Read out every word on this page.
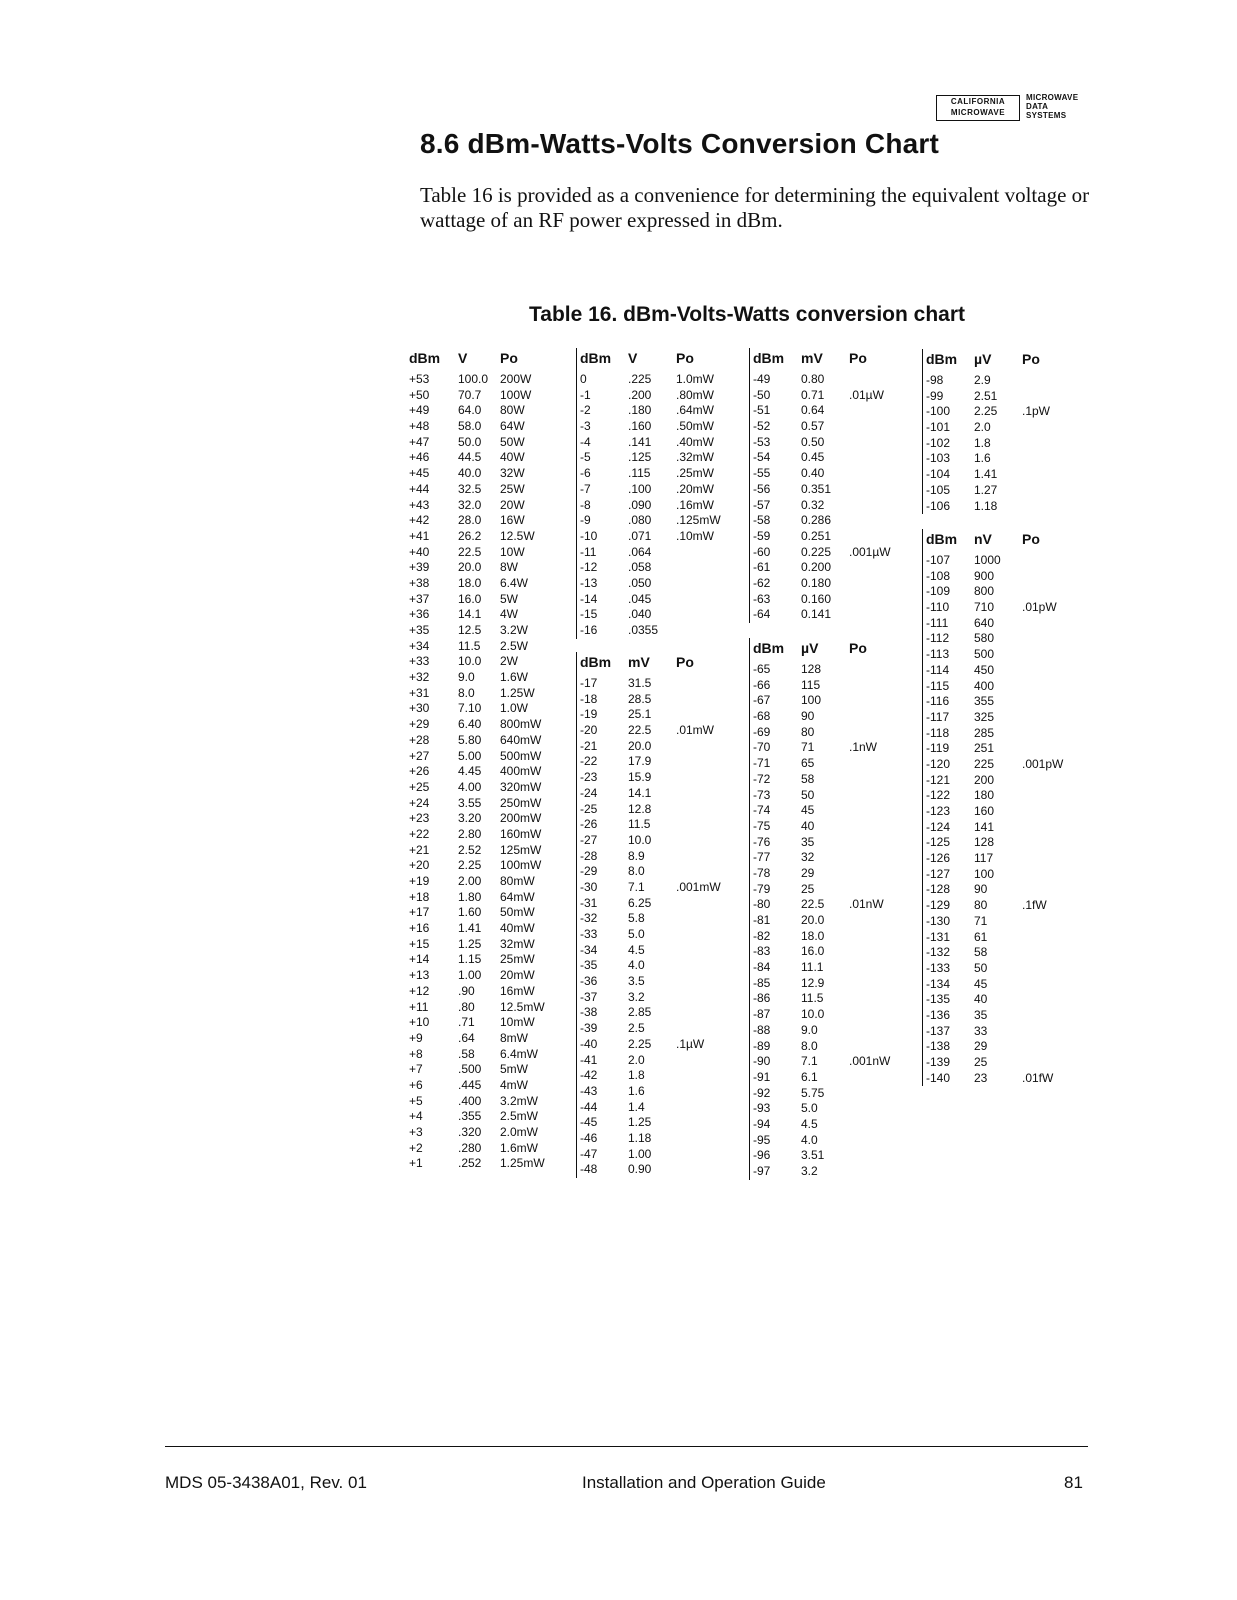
CALIFORNIA
MICROWAVE
MICROWAVE
DATA
SYSTEMS
8.6 dBm-Watts-Volts Conversion Chart

Table 16 is provided as a convenience for determining the equivalent voltage or wattage of an RF power expressed in dBm.

Table 16. dBm-Volts-Watts conversion chart
dBm	V	Po
+53	100.0 200W
+50	70.7	100W
+49	64.0	80W
+48	58.0	64W
+47	50.0	50W
+46	44.5	40W
+45	40.0	32W
+44	32.5	25W
+43	32.0	20W
+42	28.0	16W
+41	26.2	12.5W
+40	22.5	10W
+39	20.0	8W
+38	18.0	6.4W
+37	16.0	5W
+36	14.1	4W
+35	12.5	3.2W
+34	11.5	2.5W
+33	10.0	2W
+32	9.0	1.6W
+31	8.0	1.25W
+30	7.10	1.0W
+29	6.40	800mW
+28	5.80	640mW
+27	5.00	500mW
+26	4.45	400mW
+25	4.00	320mW
+24	3.55	250mW
+23	3.20	200mW
+22	2.80	160mW
+21	2.52	125mW
+20	2.25	100mW
+19	2.00	80mW
+18	1.80	64mW
+17	1.60	50mW
+16	1.41	40mW
+15	1.25	32mW
+14	1.15	25mW
+13	1.00	20mW
+12	.90	16mW
+11	.80	12.5mW
+10	.71	10mW
+9	.64	8mW
+8	.58	6.4mW
+7	.500	5mW
+6	.445	4mW
+5	.400	3.2mW
+4	.355	2.5mW
+3	.320	2.0mW
+2	.280	1.6mW
+1	.252	1.25mW
dBm	V	Po
0	.225	1.0mW
-1	.200	.80mW
-2	.180	.64mW
-3	.160	.50mW
-4	.141	.40mW
-5	.125	.32mW
-6	.115	.25mW
-7	.100	.20mW
-8	.090	.16mW
-9	.080	.125mW
-10	.071	.10mW
-11	.064
-12	.058
-13	.050
-14	.045
-15	.040
-16	.0355
dBm	mV	Po
-17	31.5
-18	28.5
-19	25.1
-20	22.5	.01mW
-21	20.0
-22	17.9
-23	15.9
-24	14.1
-25	12.8
-26	11.5
-27	10.0
-28	8.9
-29	8.0
-30	7.1	.001mW
-31	6.25
-32	5.8
-33	5.0
-34	4.5
-35	4.0
-36	3.5
-37	3.2
-38	2.85
-39	2.5
-40	2.25	.1µW
-41	2.0
-42	1.8
-43	1.6
-44	1.4
-45	1.25
-46	1.18
-47	1.00
-48	0.90
dBm	mV	Po
-49	0.80
-50	0.71	.01µW
-51	0.64
-52	0.57
-53	0.50
-54	0.45
-55	0.40
-56	0.351
-57	0.32
-58	0.286
-59	0.251
-60	0.225	.001µW
-61	0.200
-62	0.180
-63	0.160
-64	0.141
dBm	µV	Po
-65	128
-66	115
-67	100
-68	90
-69	80
-70	71	.1nW
-71	65
-72	58
-73	50
-74	45
-75	40
-76	35
-77	32
-78	29
-79	25
-80	22.5	.01nW
-81	20.0
-82	18.0
-83	16.0
-84	11.1
-85	12.9
-86	11.5
-87	10.0
-88	9.0
-89	8.0
-90	7.1	.001nW
-91	6.1
-92	5.75
-93	5.0
-94	4.5
-95	4.0
-96	3.51
-97	3.2
dBm	µV	Po
-98	2.9
-99	2.51
-100	2.25	.1pW
-101	2.0
-102	1.8
-103	1.6
-104	1.41
-105	1.27
-106	1.18
dBm	nV	Po
-107	1000
-108	900
-109	800
-110	710	.01pW
-111	640
-112	580
-113	500
-114	450
-115	400
-116	355
-117	325
-118	285
-119	251
-120	225	.001pW
-121	200
-122	180
-123	160
-124	141
-125	128
-126	117
-127	100
-128	90
-129	80	.1fW
-130	71
-131	61
-132	58
-133	50
-134	45
-135	40
-136	35
-137	33
-138	29
-139	25
-140	23	.01fW
MDS 05-3438A01, Rev. 01	Installation and Operation Guide	81
